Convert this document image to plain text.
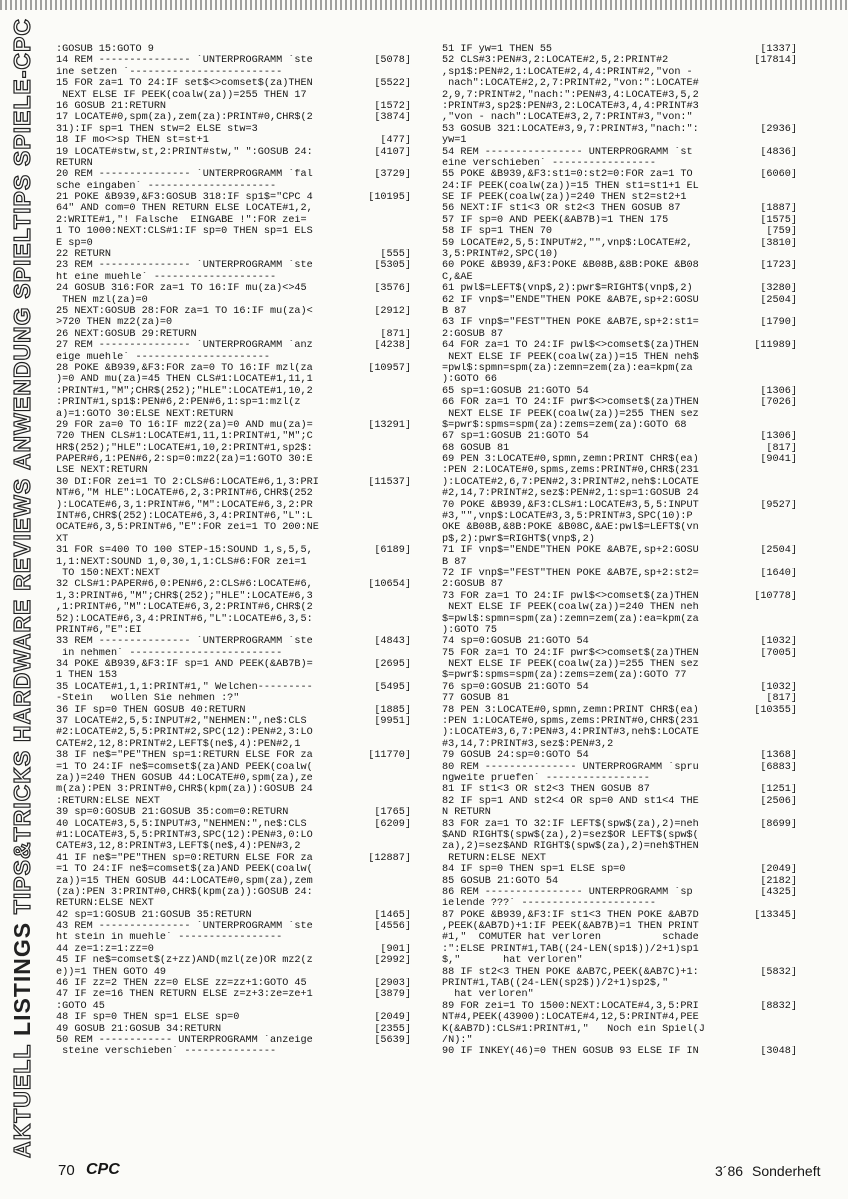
SPIELE-CPC
SPIELTIPS
ANWENDUNG
REVIEWS
HARDWARE
TIPS&TRICKS
LISTINGS
AKTUELL
:GOSUB 15:GOTO 9
14 REM --------------- ´UNTERPROGRAMM ´ste	[5078]
ine setzen ´-------------------------
15 FOR za=1 TO 24:IF set$<>comset$(za)THEN	[5522]
NEXT ELSE IF PEEK(coalw(za))=255 THEN 17
16 GOSUB 21:RETURN	[1572]
17 LOCATE#0,spm(za),zem(za):PRINT#0,CHR$(2	[3874]
31):IF sp=1 THEN stw=2 ELSE stw=3
18 IF mo<>sp THEN st=st+1	[477]
19 LOCATE#stw,st,2:PRINT#stw," ":GOSUB 24:	[4107]
RETURN
20 REM --------------- ´UNTERPROGRAMM ´fal	[3729]
sche eingaben´ ---------------------
21 POKE &B939,&F3:GOSUB 318:IF sp1$="CPC 4	[10195]
64" AND com=0 THEN RETURN ELSE LOCATE#1,2,
2:WRITE#1,"! Falsche  EINGABE !":FOR zei=
1 TO 1000:NEXT:CLS#1:IF sp=0 THEN sp=1 ELS
E sp=0
22 RETURN	[555]
23 REM --------------- ´UNTERPROGRAMM ´ste	[5305]
ht eine muehle´ --------------------
24 GOSUB 316:FOR za=1 TO 16:IF mu(za)<>45	[3576]
THEN mzl(za)=0
25 NEXT:GOSUB 28:FOR za=1 TO 16:IF mu(za)<	[2912]
>720 THEN mz2(za)=0
26 NEXT:GOSUB 29:RETURN	[871]
27 REM --------------- ´UNTERPROGRAMM ´anz	[4238]
eige muehle´ ----------------------
28 POKE &B939,&F3:FOR za=0 TO 16:IF mzl(za	[10957]
)=0 AND mu(za)=45 THEN CLS#1:LOCATE#1,11,1
:PRINT#1,"M";CHR$(252);"HLE":LOCATE#1,10,2
:PRINT#1,sp1$:PEN#6,2:PEN#6,1:sp=1:mzl(z
a)=1:GOTO 30:ELSE NEXT:RETURN
29 FOR za=0 TO 16:IF mz2(za)=0 AND mu(za)=	[13291]
720 THEN CLS#1:LOCATE#1,11,1:PRINT#1,"M";C
HR$(252);"HLE":LOCATE#1,10,2:PRINT#1,sp2$:
PAPER#6,1:PEN#6,2:sp=0:mz2(za)=1:GOTO 30:E
LSE NEXT:RETURN
30 DI:FOR zei=1 TO 2:CLS#6:LOCATE#6,1,3:PRI	[11537]
NT#6,"M HLE":LOCATE#6,2,3:PRINT#6,CHR$(252
):LOCATE#6,3,1:PRINT#6,"M":LOCATE#6,3,2:PR
INT#6,CHR$(252):LOCATE#6,3,4:PRINT#6,"L":L
OCATE#6,3,5:PRINT#6,"E":FOR zei=1 TO 200:NE
XT
31 FOR s=400 TO 100 STEP-15:SOUND 1,s,5,5,	[6189]
1,1:NEXT:SOUND 1,0,30,1,1:CLS#6:FOR zei=1
TO 150:NEXT:NEXT
32 CLS#1:PAPER#6,0:PEN#6,2:CLS#6:LOCATE#6,	[10654]
1,3:PRINT#6,"M";CHR$(252);"HLE":LOCATE#6,3
,1:PRINT#6,"M":LOCATE#6,3,2:PRINT#6,CHR$(2
52):LOCATE#6,3,4:PRINT#6,"L":LOCATE#6,3,5:
PRINT#6,"E":EI
33 REM --------------- ´UNTERPROGRAMM ´ste	[4843]
in nehmen´ -------------------------
34 POKE &B939,&F3:IF sp=1 AND PEEK(&AB7B)=	[2695]
1 THEN 153
35 LOCATE#1,1,1:PRINT#1," Welchen---------	[5495]
-Stein   wollen Sie nehmen :?"
36 IF sp=0 THEN GOSUB 40:RETURN	[1885]
37 LOCATE#2,5,5:INPUT#2,"NEHMEN:",ne$:CLS	[9951]
#2:LOCATE#2,5,5:PRINT#2,SPC(12):PEN#2,3:LO
CATE#2,12,8:PRINT#2,LEFT$(ne$,4):PEN#2,1
38 IF ne$="PE"THEN sp=1:RETURN ELSE FOR za	[11770]
=1 TO 24:IF ne$=comset$(za)AND PEEK(coalw(
za))=240 THEN GOSUB 44:LOCATE#0,spm(za),ze
m(za):PEN 3:PRINT#0,CHR$(kpm(za)):GOSUB 24
:RETURN:ELSE NEXT
39 sp=0:GOSUB 21:GOSUB 35:com=0:RETURN	[1765]
40 LOCATE#3,5,5:INPUT#3,"NEHMEN:",ne$:CLS	[6209]
#1:LOCATE#3,5,5:PRINT#3,SPC(12):PEN#3,0:LO
CATE#3,12,8:PRINT#3,LEFT$(ne$,4):PEN#3,2
41 IF ne$="PE"THEN sp=0:RETURN ELSE FOR za	[12887]
=1 TO 24:IF ne$=comset$(za)AND PEEK(coalw(
za))=15 THEN GOSUB 44:LOCATE#0,spm(za),zem
(za):PEN 3:PRINT#0,CHR$(kpm(za)):GOSUB 24:
RETURN:ELSE NEXT
42 sp=1:GOSUB 21:GOSUB 35:RETURN	[1465]
43 REM --------------- ´UNTERPROGRAMM ´ste	[4556]
ht stein in muehle´ -----------------
44 ze=1:z=1:zz=0	[901]
45 IF ne$=comset$(z+zz)AND(mzl(ze)OR mz2(z	[2992]
e))=1 THEN GOTO 49
46 IF zz=2 THEN zz=0 ELSE zz=zz+1:GOTO 45	[2903]
47 IF ze=16 THEN RETURN ELSE z=z+3:ze=ze+1	[3879]
:GOTO 45
48 IF sp=0 THEN sp=1 ELSE sp=0	[2049]
49 GOSUB 21:GOSUB 34:RETURN	[2355]
50 REM ------------ UNTERPROGRAMM ´anzeige	[5639]
steine verschieben´ ---------------
51 IF yw=1 THEN 55	[1337]
52 CLS#3:PEN#3,2:LOCATE#2,5,2:PRINT#2	[17814]
,sp1$:PEN#2,1:LOCATE#2,4,4:PRINT#2,"von -
nach":LOCATE#2,2,7:PRINT#2,"von:":LOCATE#
2,9,7:PRINT#2,"nach:":PEN#3,4:LOCATE#3,5,2
:PRINT#3,sp2$:PEN#3,2:LOCATE#3,4,4:PRINT#3
,"von - nach":LOCATE#3,2,7:PRINT#3,"von:"
53 GOSUB 321:LOCATE#3,9,7:PRINT#3,"nach:":	[2936]
yw=1
54 REM ---------------- UNTERPROGRAMM ´st	[4836]
eine verschieben´ -----------------
55 POKE &B939,&F3:st1=0:st2=0:FOR za=1 TO	[6060]
24:IF PEEK(coalw(za))=15 THEN st1=st1+1 EL
SE IF PEEK(coalw(za))=240 THEN st2=st2+1
56 NEXT:IF st1<3 OR st2<3 THEN GOSUB 87	[1887]
57 IF sp=0 AND PEEK(&AB7B)=1 THEN 175	[1575]
58 IF sp=1 THEN 70	[759]
59 LOCATE#2,5,5:INPUT#2,"",vnp$:LOCATE#2,	[3810]
3,5:PRINT#2,SPC(10)
60 POKE &B939,&F3:POKE &B08B,&8B:POKE &B08	[1723]
C,&AE
61 pwl$=LEFT$(vnp$,2):pwr$=RIGHT$(vnp$,2)	[3280]
62 IF vnp$="ENDE"THEN POKE &AB7E,sp+2:GOSU	[2504]
B 87
63 IF vnp$="FEST"THEN POKE &AB7E,sp+2:st1=	[1790]
2:GOSUB 87
64 FOR za=1 TO 24:IF pwl$<>comset$(za)THEN	[11989]
NEXT ELSE IF PEEK(coalw(za))=15 THEN neh$
=pwl$:spmn=spm(za):zemn=zem(za):ea=kpm(za
):GOTO 66
65 sp=1:GOSUB 21:GOTO 54	[1306]
66 FOR za=1 TO 24:IF pwr$<>comset$(za)THEN	[7026]
NEXT ELSE IF PEEK(coalw(za))=255 THEN sez
$=pwr$:spms=spm(za):zems=zem(za):GOTO 68
67 sp=1:GOSUB 21:GOTO 54	[1306]
68 GOSUB 81	[817]
69 PEN 3:LOCATE#0,spmn,zemn:PRINT CHR$(ea)	[9041]
:PEN 2:LOCATE#0,spms,zems:PRINT#0,CHR$(231
):LOCATE#2,6,7:PEN#2,3:PRINT#2,neh$:LOCATE
#2,14,7:PRINT#2,sez$:PEN#2,1:sp=1:GOSUB 24
70 POKE &B939,&F3:CLS#1:LOCATE#3,5,5:INPUT	[9527]
#3,"",vnp$:LOCATE#3,3,5:PRINT#3,SPC(10):P
OKE &B08B,&8B:POKE &B08C,&AE:pwl$=LEFT$(vn
p$,2):pwr$=RIGHT$(vnp$,2)
71 IF vnp$="ENDE"THEN POKE &AB7E,sp+2:GOSU	[2504]
B 87
72 IF vnp$="FEST"THEN POKE &AB7E,sp+2:st2=	[1640]
2:GOSUB 87
73 FOR za=1 TO 24:IF pwl$<>comset$(za)THEN	[10778]
NEXT ELSE IF PEEK(coalw(za))=240 THEN neh
$=pwl$:spmn=spm(za):zemn=zem(za):ea=kpm(za
):GOTO 75
74 sp=0:GOSUB 21:GOTO 54	[1032]
75 FOR za=1 TO 24:IF pwr$<>comset$(za)THEN	[7005]
NEXT ELSE IF PEEK(coalw(za))=255 THEN sez
$=pwr$:spms=spm(za):zems=zem(za):GOTO 77
76 sp=0:GOSUB 21:GOTO 54	[1032]
77 GOSUB 81	[817]
78 PEN 3:LOCATE#0,spmn,zemn:PRINT CHR$(ea)	[10355]
:PEN 1:LOCATE#0,spms,zems:PRINT#0,CHR$(231
):LOCATE#3,6,7:PEN#3,4:PRINT#3,neh$:LOCATE
#3,14,7:PRINT#3,sez$:PEN#3,2
79 GOSUB 24:sp=0:GOTO 54	[1368]
80 REM --------------- UNTERPROGRAMM ´spru	[6883]
ngweite pruefen´ -----------------
81 IF st1<3 OR st2<3 THEN GOSUB 87	[1251]
82 IF sp=1 AND st2<4 OR sp=0 AND st1<4 THE	[2506]
N RETURN
83 FOR za=1 TO 32:IF LEFT$(spw$(za),2)=neh	[8699]
$AND RIGHT$(spw$(za),2)=sez$OR LEFT$(spw$(
za),2)=sez$AND RIGHT$(spw$(za),2)=neh$THEN
RETURN:ELSE NEXT
84 IF sp=0 THEN sp=1 ELSE sp=0	[2049]
85 GOSUB 21:GOTO 54	[2182]
86 REM ---------------- UNTERPROGRAMM ´sp	[4325]
ielende ???´ ----------------------
87 POKE &B939,&F3:IF st1<3 THEN POKE &AB7D	[13345]
,PEEK(&AB7D)+1:IF PEEK(&AB7B)=1 THEN PRINT
#1,"  COMUTER hat verloren          schade
:":ELSE PRINT#1,TAB((24-LEN(sp1$))/2+1)sp1
$,"       hat verloren"
88 IF st2<3 THEN POKE &AB7C,PEEK(&AB7C)+1:	[5832]
PRINT#1,TAB((24-LEN(sp2$))/2+1)sp2$,"
hat verloren"
89 FOR zei=1 TO 1500:NEXT:LOCATE#4,3,5:PRI	[8832]
NT#4,PEEK(43900):LOCATE#4,12,5:PRINT#4,PEE
K(&AB7D):CLS#1:PRINT#1,"   Noch ein Spiel(J
/N):"
90 IF INKEY(46)=0 THEN GOSUB 93 ELSE IF IN	[3048]
70 CPC	3´86 Sonderheft
